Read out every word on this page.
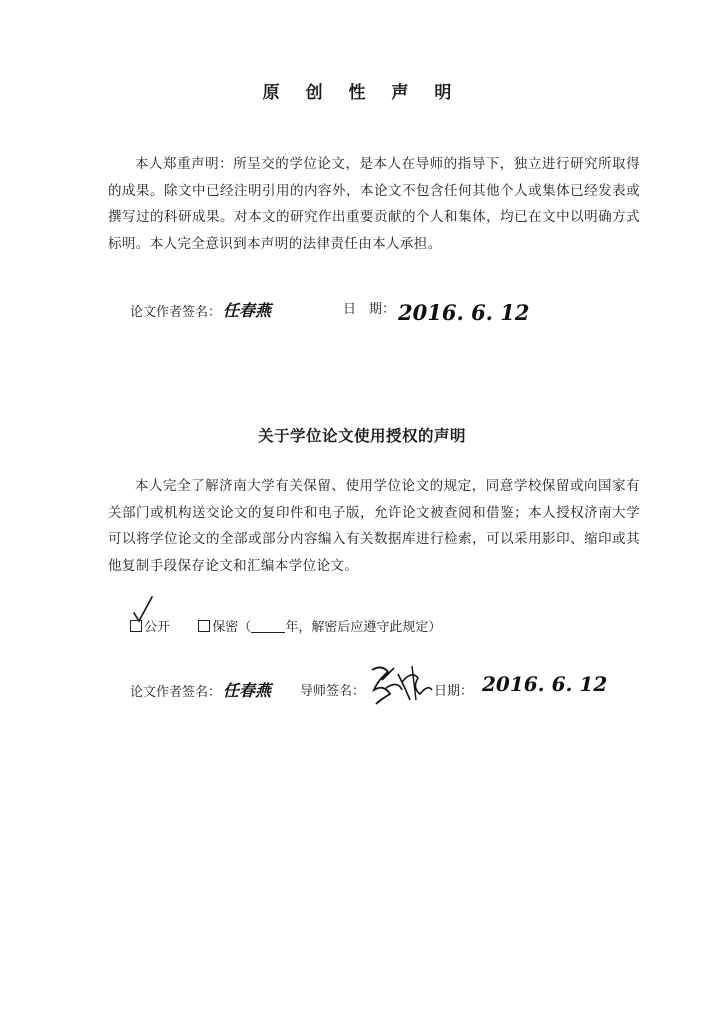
原 创 性 声 明

本人郑重声明：所呈交的学位论文，是本人在导师的指导下，独立进行研究所取得的成果。除文中已经注明引用的内容外，本论文不包含任何其他个人或集体已经发表或撰写过的科研成果。对本文的研究作出重要贡献的个人和集体，均已在文中以明确方式标明。本人完全意识到本声明的法律责任由本人承担。

论文作者签名： 任春燕	日　期： 2016. 6. 12
关于学位论文使用授权的声明

本人完全了解济南大学有关保留、使用学位论文的规定，同意学校保留或向国家有关部门或机构送交论文的复印件和电子版，允许论文被查阅和借鉴；本人授权济南大学可以将学位论文的全部或部分内容编入有关数据库进行检索，可以采用影印、缩印或其他复制手段保存论文和汇编本学位论文。

公开	保密（	年，解密后应遵守此规定）
论文作者签名： 任春燕 导师签名：	日期： 2016. 6. 12
